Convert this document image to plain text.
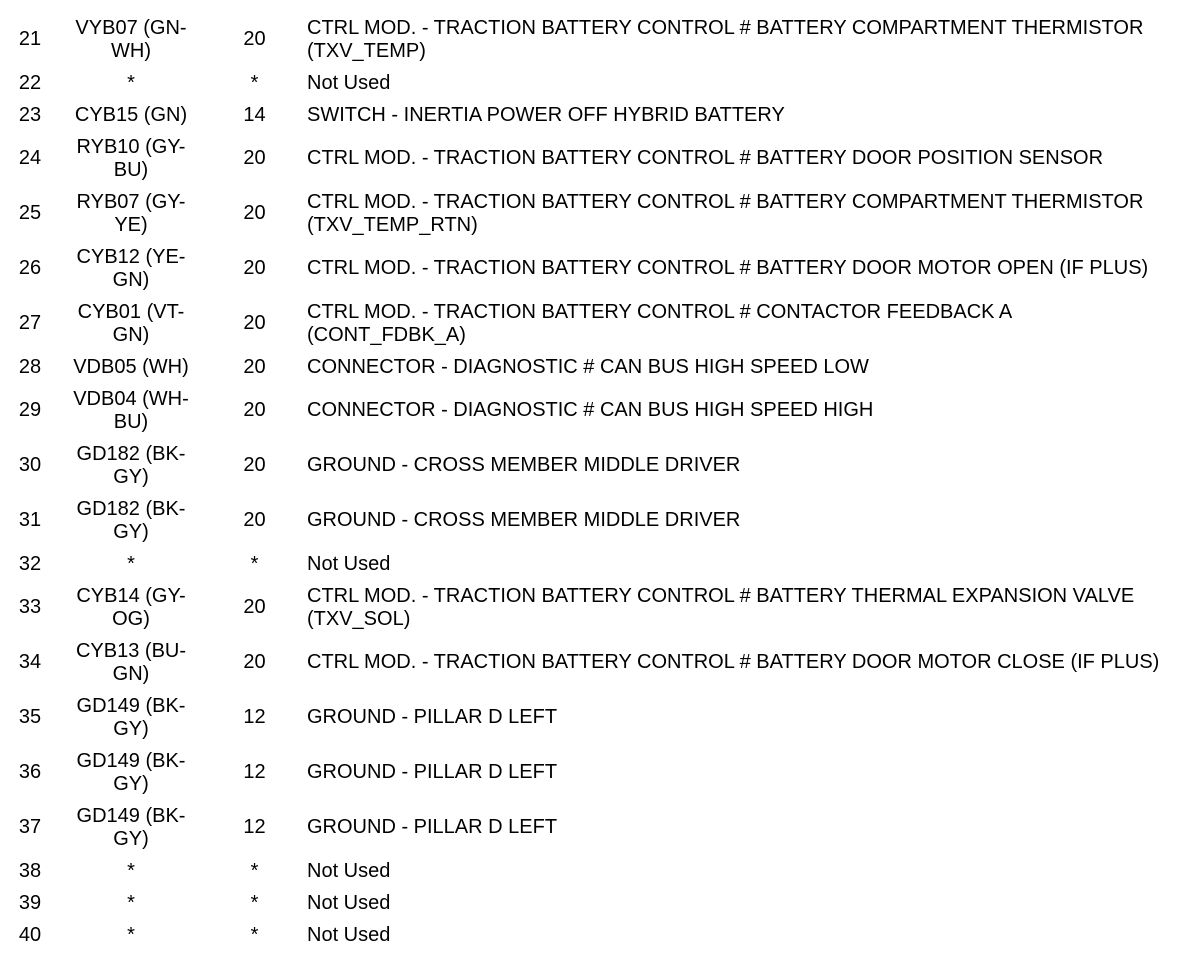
21	VYB07 (GN-WH)	20	CTRL MOD. - TRACTION BATTERY CONTROL # BATTERY COMPARTMENT THERMISTOR (TXV_TEMP)
22	*	*	Not Used
23	CYB15 (GN)	14	SWITCH - INERTIA POWER OFF HYBRID BATTERY
24	RYB10 (GY-BU)	20	CTRL MOD. - TRACTION BATTERY CONTROL # BATTERY DOOR POSITION SENSOR
25	RYB07 (GY-YE)	20	CTRL MOD. - TRACTION BATTERY CONTROL # BATTERY COMPARTMENT THERMISTOR (TXV_TEMP_RTN)
26	CYB12 (YE-GN)	20	CTRL MOD. - TRACTION BATTERY CONTROL # BATTERY DOOR MOTOR OPEN (IF PLUS)
27	CYB01 (VT-GN)	20	CTRL MOD. - TRACTION BATTERY CONTROL # CONTACTOR FEEDBACK A (CONT_FDBK_A)
28	VDB05 (WH)	20	CONNECTOR - DIAGNOSTIC # CAN BUS HIGH SPEED LOW
29	VDB04 (WH-BU)	20	CONNECTOR - DIAGNOSTIC # CAN BUS HIGH SPEED HIGH
30	GD182 (BK-GY)	20	GROUND - CROSS MEMBER MIDDLE DRIVER
31	GD182 (BK-GY)	20	GROUND - CROSS MEMBER MIDDLE DRIVER
32	*	*	Not Used
33	CYB14 (GY-OG)	20	CTRL MOD. - TRACTION BATTERY CONTROL # BATTERY THERMAL EXPANSION VALVE (TXV_SOL)
34	CYB13 (BU-GN)	20	CTRL MOD. - TRACTION BATTERY CONTROL # BATTERY DOOR MOTOR CLOSE (IF PLUS)
35	GD149 (BK-GY)	12	GROUND - PILLAR D LEFT
36	GD149 (BK-GY)	12	GROUND - PILLAR D LEFT
37	GD149 (BK-GY)	12	GROUND - PILLAR D LEFT
38	*	*	Not Used
39	*	*	Not Used
40	*	*	Not Used
